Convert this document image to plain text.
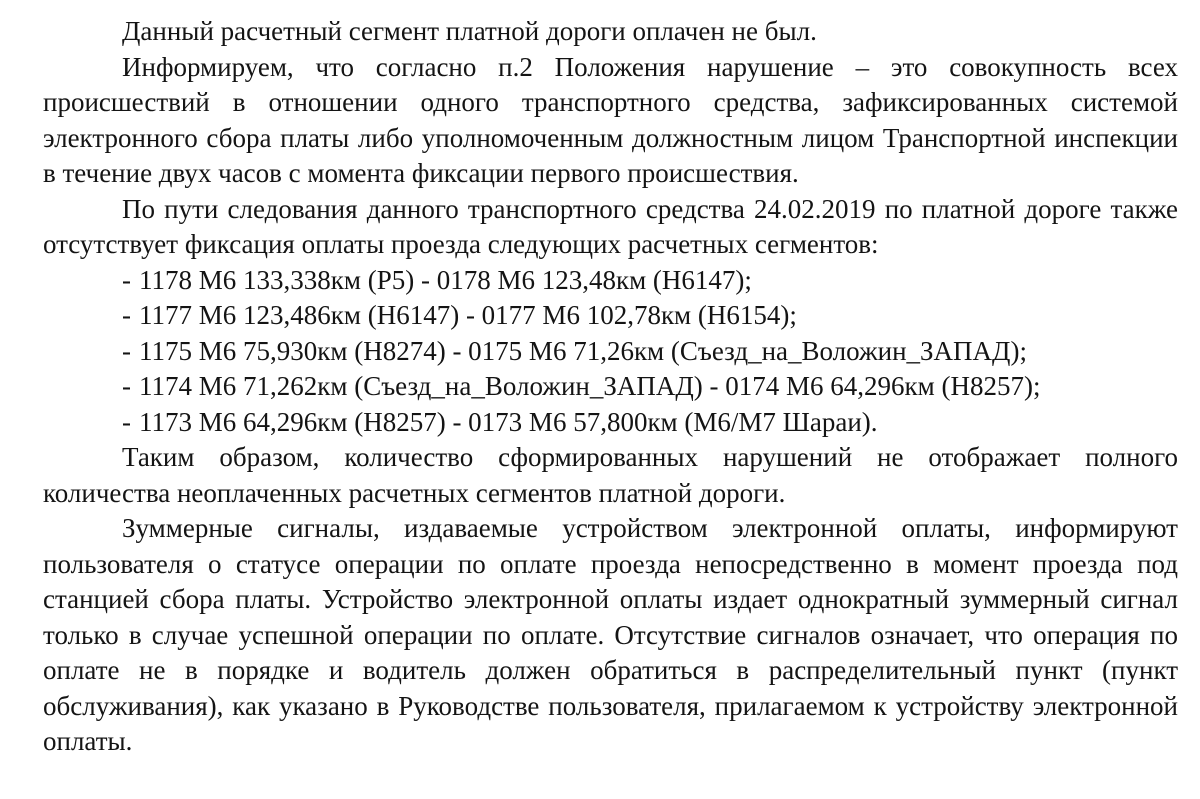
Данный расчетный сегмент платной дороги оплачен не был.

Информируем, что согласно п.2 Положения нарушение – это совокупность всех происшествий в отношении одного транспортного средства, зафиксированных системой электронного сбора платы либо уполномоченным должностным лицом Транспортной инспекции в течение двух часов с момента фиксации первого происшествия.

По пути следования данного транспортного средства 24.02.2019 по платной дороге также отсутствует фиксация оплаты проезда следующих расчетных сегментов:

- 1178 М6 133,338км (Р5) - 0178 М6 123,48км (Н6147);
- 1177 М6 123,486км (Н6147) - 0177 М6 102,78км (Н6154);
- 1175 М6 75,930км (Н8274) - 0175 М6 71,26км (Съезд_на_Воложин_ЗАПАД);
- 1174 М6 71,262км (Съезд_на_Воложин_ЗАПАД) - 0174 М6 64,296км (Н8257);
- 1173 М6 64,296км (Н8257) - 0173 М6 57,800км (М6/М7 Шараи).

Таким образом, количество сформированных нарушений не отображает полного количества неоплаченных расчетных сегментов платной дороги.

Зуммерные сигналы, издаваемые устройством электронной оплаты, информируют пользователя о статусе операции по оплате проезда непосредственно в момент проезда под станцией сбора платы. Устройство электронной оплаты издает однократный зуммерный сигнал только в случае успешной операции по оплате. Отсутствие сигналов означает, что операция по оплате не в порядке и водитель должен обратиться в распределительный пункт (пункт обслуживания), как указано в Руководстве пользователя, прилагаемом к устройству электронной оплаты.
